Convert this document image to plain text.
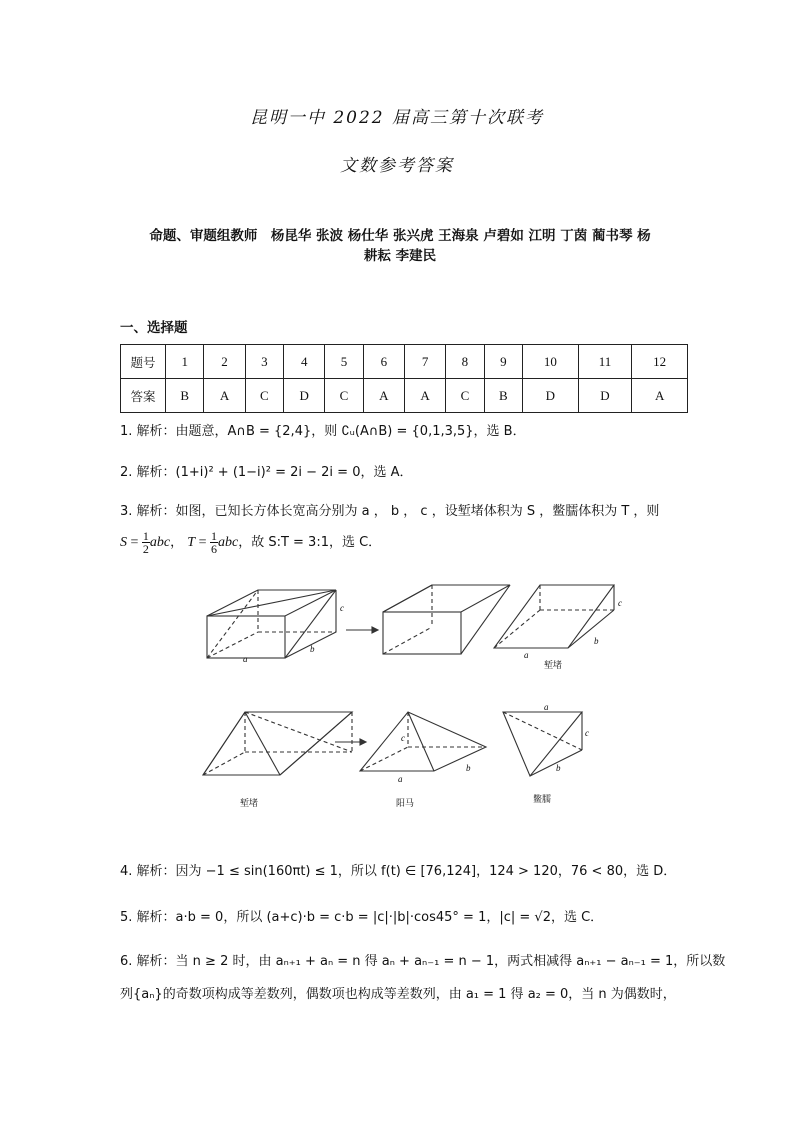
昆明一中 2022 届高三第十次联考
文数参考答案
命题、审题组教师　杨昆华 张波 杨仕华 张兴虎 王海泉 卢碧如 江明 丁茵 蔺书琴 杨
耕耘 李建民
一、选择题
题号	1	2	3	4	5	6	7	8	9	10	11	12
答案	B	A	C	D	C	A	A	C	B	D	D	A
1. 解析：由题意，A∩B = {2,4}，则 ∁ᵤ(A∩B) = {0,1,3,5}，选 B．
2. 解析：(1+i)² + (1−i)² = 2i − 2i = 0，选 A．
3. 解析：如图，已知长方体长宽高分别为 a ， b ， c ，设堑堵体积为 S ，鳖臑体积为 T ，则
$S = \frac{1}{2}$ abc， $T = \frac{1}{6}$ abc，故 S:T = 3:1，选 C．
a
b
c
a
b
c
堑堵
c
a
b
a
c
b
堑堵	阳马	鳖臑
4. 解析：因为 −1 ≤ sin(160πt) ≤ 1，所以 f(t) ∈ [76,124]，124 > 120，76 < 80，选 D．
5. 解析：a·b = 0，所以 (a+c)·b = c·b = |c|·|b|·cos45° = 1，|c| = √2，选 C．
6. 解析：当 n ≥ 2 时，由 aₙ₊₁ + aₙ = n 得 aₙ + aₙ₋₁ = n − 1，两式相减得 aₙ₊₁ − aₙ₋₁ = 1，所以数
列{aₙ}的奇数项构成等差数列，偶数项也构成等差数列，由 a₁ = 1 得 a₂ = 0，当 n 为偶数时，
